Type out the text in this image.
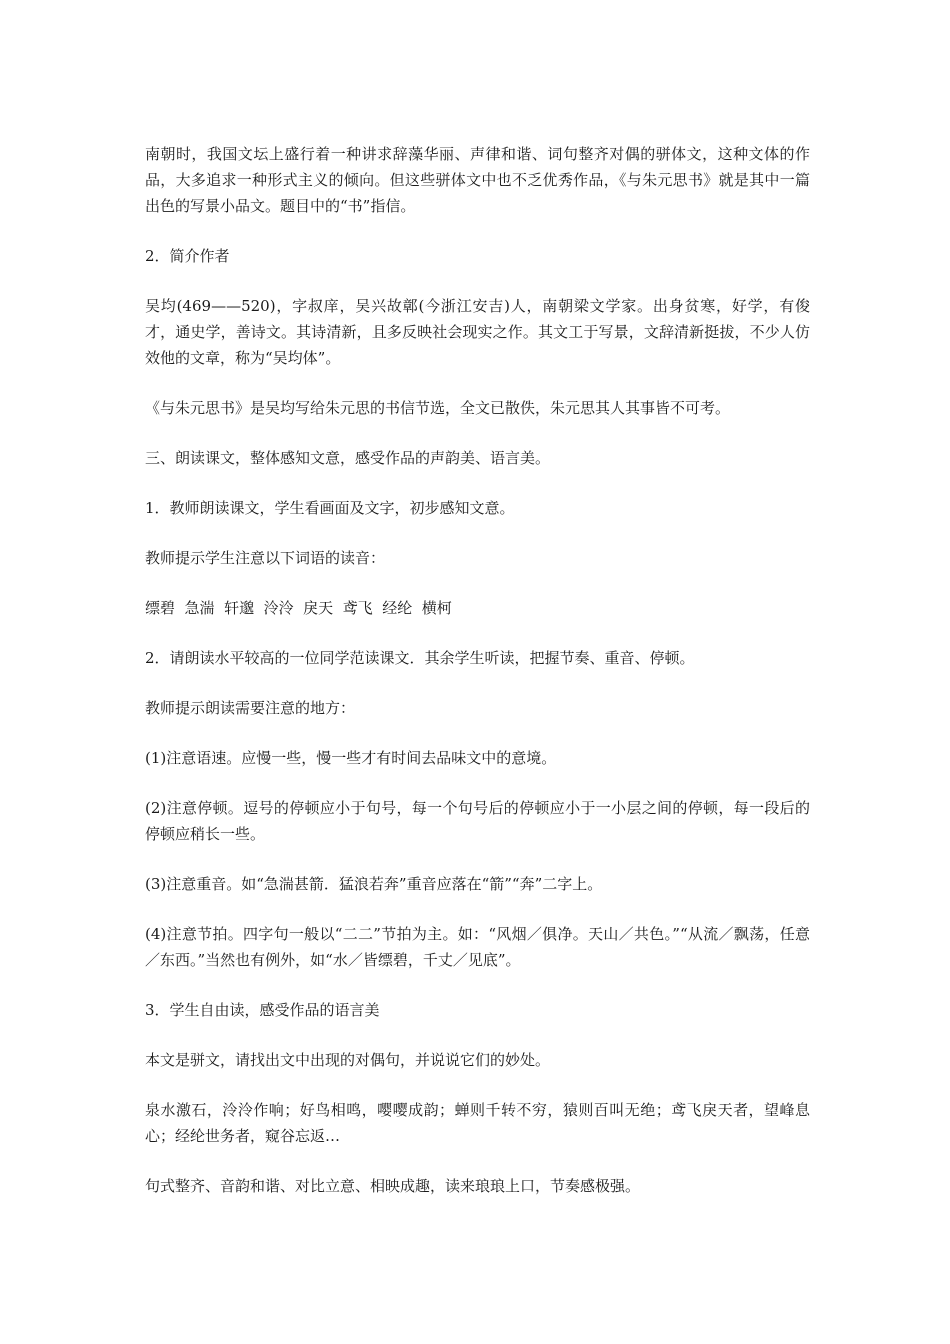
南朝时，我国文坛上盛行着一种讲求辞藻华丽、声律和谐、词句整齐对偶的骈体文，这种文体的作品，大多追求一种形式主义的倾向。但这些骈体文中也不乏优秀作品，《与朱元思书》就是其中一篇出色的写景小品文。题目中的“书”指信。

2．简介作者

吴均(469——520)，字叔庠，吴兴故鄣(今浙江安吉)人，南朝梁文学家。出身贫寒，好学，有俊才，通史学，善诗文。其诗清新，且多反映社会现实之作。其文工于写景，文辞清新挺拔，不少人仿效他的文章，称为“吴均体”。

《与朱元思书》是吴均写给朱元思的书信节选，全文已散佚，朱元思其人其事皆不可考。

三、朗读课文，整体感知文意，感受作品的声韵美、语言美。

1．教师朗读课文，学生看画面及文字，初步感知文意。

教师提示学生注意以下词语的读音：

缥碧  急湍  轩邈  泠泠  戾天  鸢飞  经纶  横柯

2．请朗读水平较高的一位同学范读课文．其余学生听读，把握节奏、重音、停顿。

教师提示朗读需要注意的地方：

(1)注意语速。应慢一些，慢一些才有时间去品味文中的意境。

(2)注意停顿。逗号的停顿应小于句号，每一个句号后的停顿应小于一小层之间的停顿，每一段后的停顿应稍长一些。

(3)注意重音。如“急湍甚箭．猛浪若奔”重音应落在“箭”“奔”二字上。

(4)注意节拍。四字句一般以“二二”节拍为主。如：“风烟／俱净。天山／共色。”“从流／飘荡，任意／东西。”当然也有例外，如“水／皆缥碧，千丈／见底”。

3．学生自由读，感受作品的语言美

本文是骈文，请找出文中出现的对偶句，并说说它们的妙处。

泉水激石，泠泠作响；好鸟相鸣，嘤嘤成韵；蝉则千转不穷，猿则百叫无绝；鸢飞戾天者，望峰息心；经纶世务者，窥谷忘返…

句式整齐、音韵和谐、对比立意、相映成趣，读来琅琅上口，节奏感极强。
